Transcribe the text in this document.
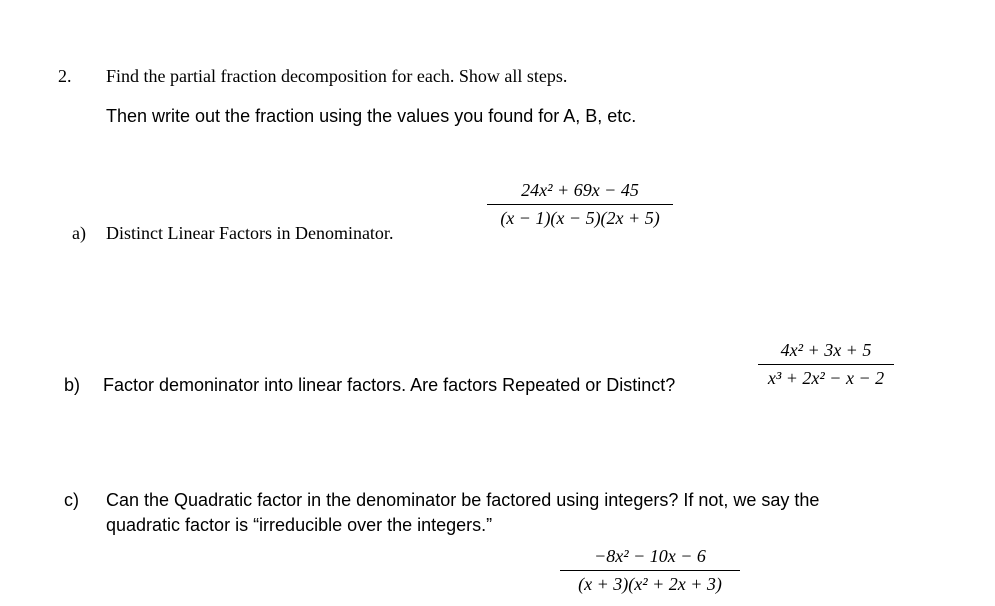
2. Find the partial fraction decomposition for each. Show all steps.
Then write out the fraction using the values you found for A, B, etc.
a) Distinct Linear Factors in Denominator.
24x² + 69x − 45
(x − 1)(x − 5)(2x + 5)
b) Factor demoninator into linear factors. Are factors Repeated or Distinct?
4x² + 3x + 5
x³ + 2x² − x − 2
c) Can the Quadratic factor in the denominator be factored using integers? If not, we say the
quadratic factor is “irreducible over the integers.”
−8x² − 10x − 6
(x + 3)(x² + 2x + 3)
